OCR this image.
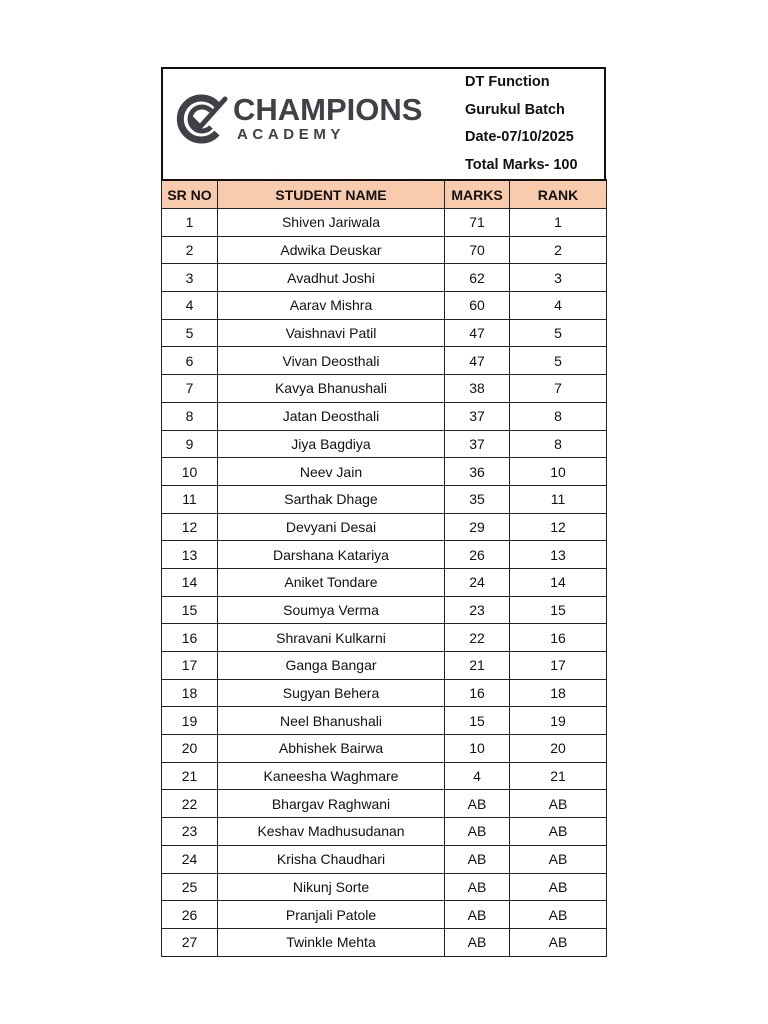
CHAMPIONS
ACADEMY
DT Function
Gurukul Batch
Date-07/10/2025
Total Marks- 100
SR NO	STUDENT NAME	MARKS	RANK
1	Shiven Jariwala	71	1
2	Adwika Deuskar	70	2
3	Avadhut Joshi	62	3
4	Aarav Mishra	60	4
5	Vaishnavi Patil	47	5
6	Vivan Deosthali	47	5
7	Kavya Bhanushali	38	7
8	Jatan Deosthali	37	8
9	Jiya Bagdiya	37	8
10	Neev Jain	36	10
11	Sarthak Dhage	35	11
12	Devyani Desai	29	12
13	Darshana Katariya	26	13
14	Aniket Tondare	24	14
15	Soumya Verma	23	15
16	Shravani Kulkarni	22	16
17	Ganga Bangar	21	17
18	Sugyan Behera	16	18
19	Neel Bhanushali	15	19
20	Abhishek Bairwa	10	20
21	Kaneesha Waghmare	4	21
22	Bhargav Raghwani	AB	AB
23	Keshav Madhusudanan	AB	AB
24	Krisha Chaudhari	AB	AB
25	Nikunj Sorte	AB	AB
26	Pranjali Patole	AB	AB
27	Twinkle Mehta	AB	AB
